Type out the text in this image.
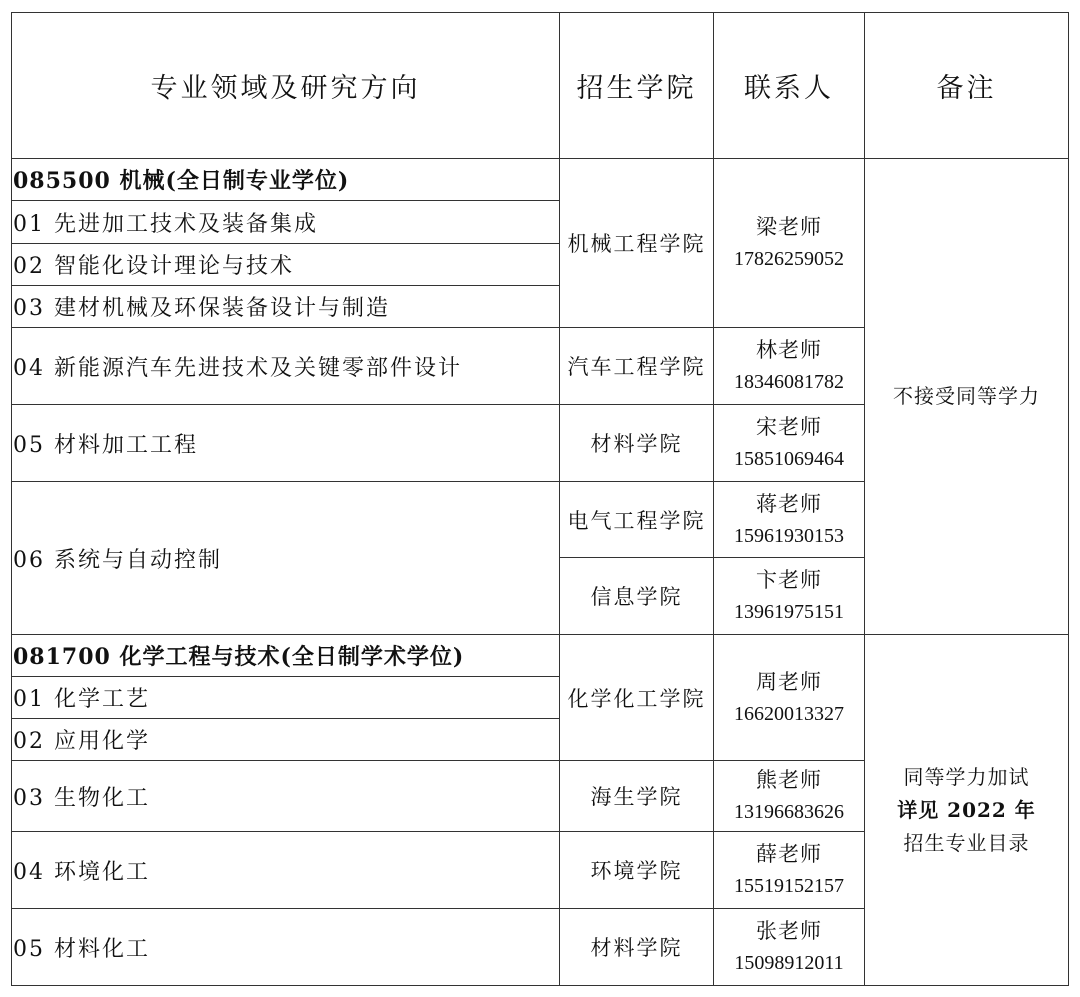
专业领域及研究方向	招生学院	联系人	备注
085500 机械(全日制专业学位)	机械工程学院	梁老师
17826259052	不接受同等学力
01 先进加工技术及装备集成			
02 智能化设计理论与技术			
03 建材机械及环保装备设计与制造			
04 新能源汽车先进技术及关键零部件设计	汽车工程学院	林老师
18346081782	

05 材料加工工程	材料学院	宋老师
15851069464	

06 系统与自动控制	电气工程学院	蒋老师
15961930153	

	信息学院	卞老师
13961975151	

081700 化学工程与技术(全日制学术学位)	化学化工学院	周老师
16620013327	同等学力加试
详见 2022 年
招生专业目录

01 化学工艺			
02 应用化学			
03 生物化工	海生学院	熊老师
13196683626	

04 环境化工	环境学院	薛老师
15519152157	

05 材料化工	材料学院	张老师
15098912011	
